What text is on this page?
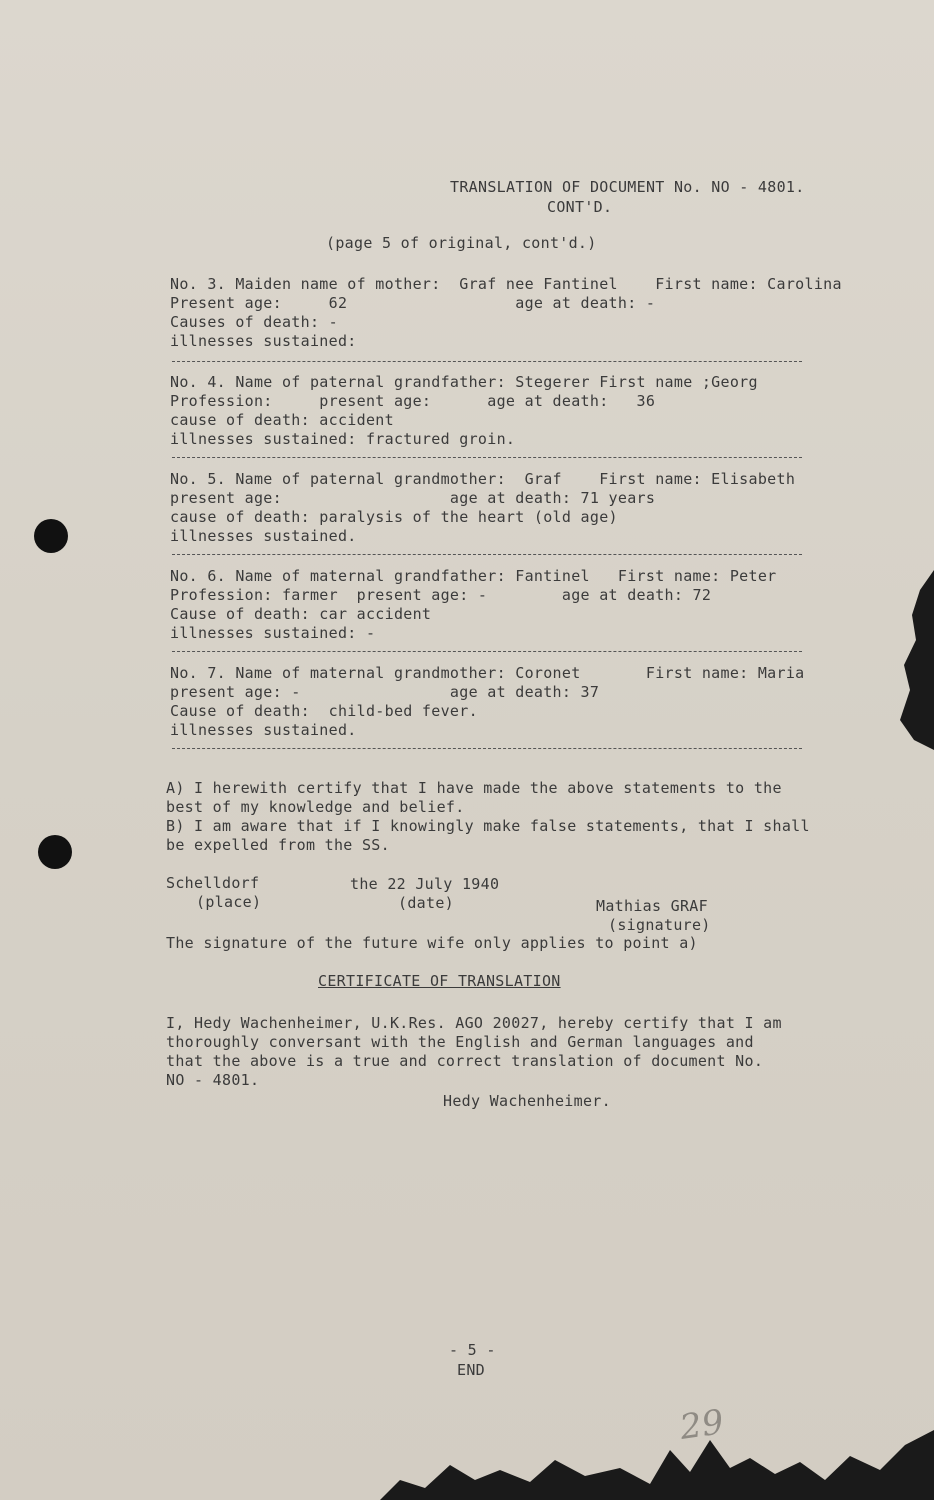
TRANSLATION OF DOCUMENT No. NO - 4801.
CONT'D.
(page 5 of original, cont'd.)
No. 3. Maiden name of mother:  Graf nee Fantinel    First name: Carolina
Present age:     62                  age at death: -
Causes of death: -
illnesses sustained:
No. 4. Name of paternal grandfather: Stegerer First name ;Georg
Profession:     present age:      age at death:   36
cause of death: accident
illnesses sustained: fractured groin.
No. 5. Name of paternal grandmother:  Graf    First name: Elisabeth
present age:                  age at death: 71 years
cause of death: paralysis of the heart (old age)
illnesses sustained.
No. 6. Name of maternal grandfather: Fantinel   First name: Peter
Profession: farmer  present age: -        age at death: 72
Cause of death: car accident
illnesses sustained: -
No. 7. Name of maternal grandmother: Coronet       First name: Maria
present age: -                age at death: 37
Cause of death:  child-bed fever.
illnesses sustained.
A) I herewith certify that I have made the above statements to the
best of my knowledge and belief.
B) I am aware that if I knowingly make false statements, that I shall
be expelled from the SS.
Schelldorf
(place)
the 22 July 1940
(date)	Mathias GRAF
(signature)
The signature of the future wife only applies to point a)
CERTIFICATE OF TRANSLATION
I, Hedy Wachenheimer, U.K.Res. AGO 20027, hereby certify that I am
thoroughly conversant with the English and German languages and
that the above is a true and correct translation of document No.
NO - 4801.
Hedy Wachenheimer.
- 5 -
END
29
